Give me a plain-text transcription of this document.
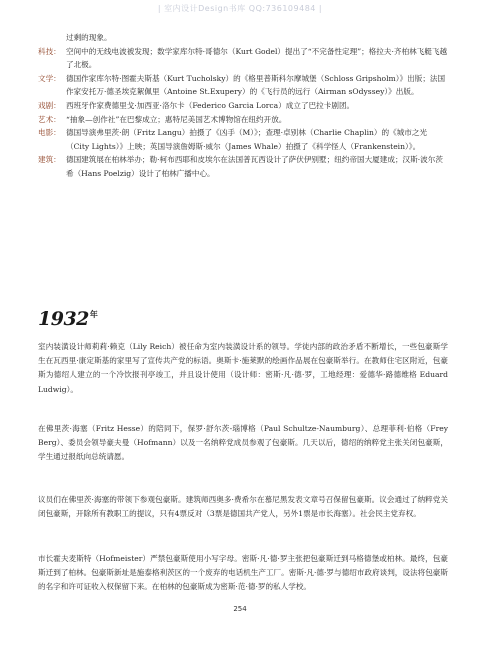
| 室内设计Design书库 QQ:736109484 |
过剩的现象。
科技： 空间中的无线电波被发现；数学家库尔特·哥德尔（Kurt Godel）提出了“不完备性定理”；格拉夫·齐柏林飞艇飞越了北极。
文学： 德国作家库尔特·图霍夫斯基（Kurt Tucholsky）的《格里普斯科尔摩城堡（Schloss Gripsholm）》出版；法国作家安托万·德圣埃克絮佩里（Antoine St.Exupery）的《飞行员的远行（Airman sOdyssey）》出版。
戏剧： 西班牙作家费德里戈·加西亚·洛尔卡（Federico Garcia Lorca）成立了巴拉卡剧团。
艺术： “抽象—创作社”在巴黎成立；惠特尼美国艺术博物馆在纽约开放。
电影： 德国导演弗里茨·朗（Fritz Langu）拍摄了《凶手（M）》；查理·卓别林（Charlie Chaplin）的《城市之光（City Lights）》上映；英国导演詹姆斯·威尔（James Whale）拍摄了《科学怪人（Frankenstein）》。
建筑： 德国建筑展在柏林举办；勒·柯布西耶和皮埃尔在法国普瓦西设计了萨伏伊别墅；纽约帝国大厦建成；汉斯·波尔茨希（Hans Poelzig）设计了柏林广播中心。
$1932^年$
室内装潢设计师莉莉·赖克（Lily Reich）被任命为室内装潢设计系的领导。学徒内部的政治矛盾不断增长，一些包豪斯学生在瓦西里·康定斯基的家里写了宣传共产党的标语。奥斯卡·施莱默的绘画作品展在包豪斯举行。在教师住宅区附近，包豪斯为德绍人建立的一个冷饮报刊亭竣工，并且设计使用（设计师：密斯·凡·德·罗，工地经理：爱德华·路德维格 Eduard Ludwig）。
在佛里茨·海塞（Fritz Hesse）的陪同下，保罗·舒尔茨-瑙博格（Paul Schultze-Naumburg）、总理菲利·伯格（Frey Berg）、委员会领导豪夫曼（Hofmann）以及一名纳粹党成员参观了包豪斯。几天以后，德绍的纳粹党主张关闭包豪斯，学生通过报纸向总统请愿。
议员们在佛里茨·海塞的带领下参观包豪斯。建筑师西奥多·费希尔在慕尼黑发表文章号召保留包豪斯。议会通过了纳粹党关闭包豪斯，开除所有教职工的提议，只有4票反对（3票是德国共产党人，另外1票是市长海塞）。社会民主党弃权。
市长霍夫麦斯特（Hofmeister）严禁包豪斯使用小写字母。密斯·凡·德·罗主张把包豪斯迁到马格德堡或柏林。最终，包豪斯迁到了柏林。包豪斯新址是施泰格利茨区的一个废弃的电话机生产工厂。密斯·凡·德·罗与德绍市政府谈判，设法将包豪斯的名字和许可证收入权保留下来。在柏林的包豪斯成为密斯·范·德·罗的私人学校。
254
